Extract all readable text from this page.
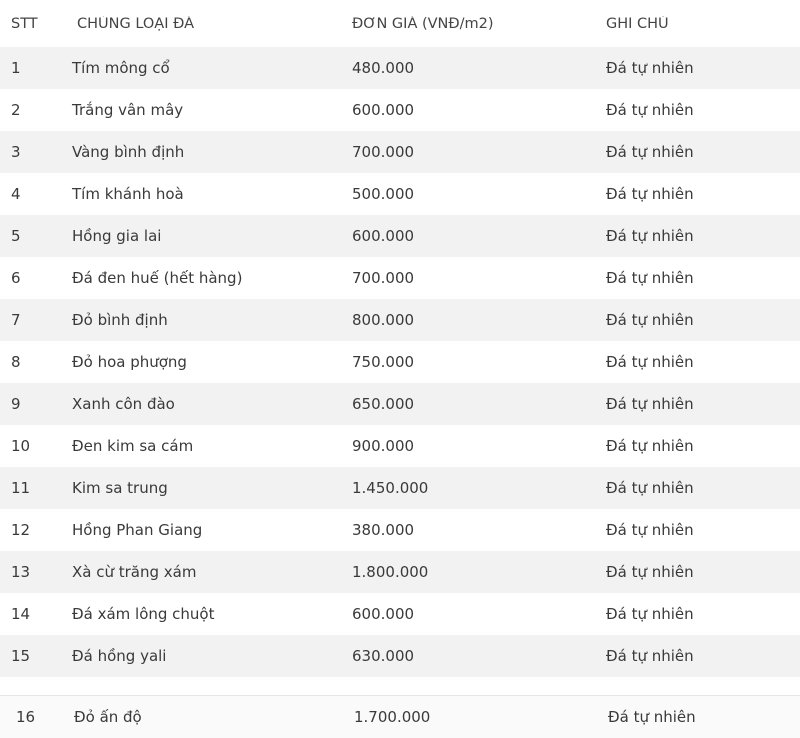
STT	CHỦNG LOẠI ĐÁ	ĐƠN GIÁ (VNĐ/m2)	GHI CHÚ
1	Tím mông cổ	480.000	Đá tự nhiên
2	Trắng vân mây	600.000	Đá tự nhiên
3	Vàng bình định	700.000	Đá tự nhiên
4	Tím khánh hoà	500.000	Đá tự nhiên
5	Hồng gia lai	600.000	Đá tự nhiên
6	Đá đen huế (hết hàng)	700.000	Đá tự nhiên
7	Đỏ bình định	800.000	Đá tự nhiên
8	Đỏ hoa phượng	750.000	Đá tự nhiên
9	Xanh côn đào	650.000	Đá tự nhiên
10	Đen kim sa cám	900.000	Đá tự nhiên
11	Kim sa trung	1.450.000	Đá tự nhiên
12	Hồng Phan Giang	380.000	Đá tự nhiên
13	Xà cừ trăng xám	1.800.000	Đá tự nhiên
14	Đá xám lông chuột	600.000	Đá tự nhiên
15	Đá hồng yali	630.000	Đá tự nhiên
16	Đỏ ấn độ	1.700.000	Đá tự nhiên
